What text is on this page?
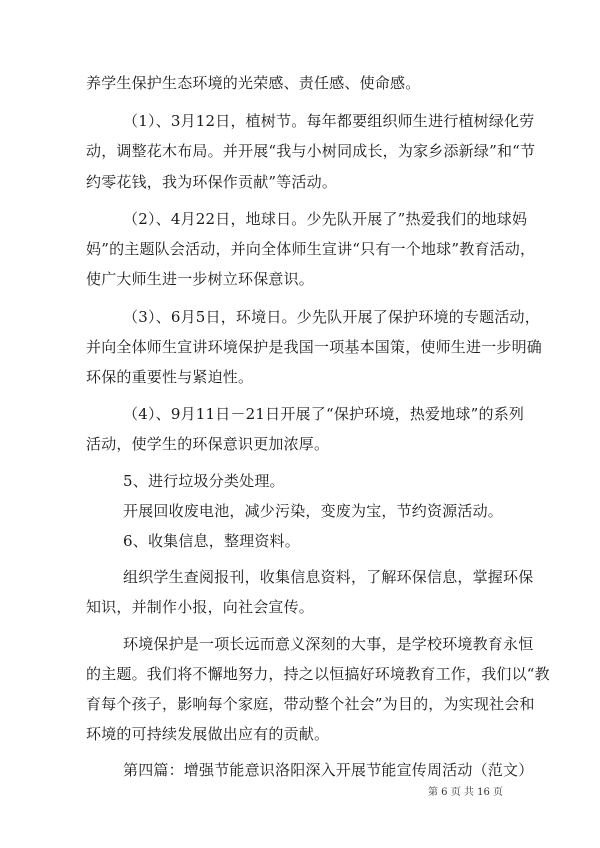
养学生保护生态环境的光荣感、责任感、使命感。
（1）、3月12日，植树节。每年都要组织师生进行植树绿化劳
动，调整花木布局。并开展“我与小树同成长，为家乡添新绿”和“节
约零花钱，我为环保作贡献”等活动。
（2）、4月22日，地球日。少先队开展了”热爱我们的地球妈
妈”的主题队会活动，并向全体师生宣讲“只有一个地球”教育活动，
使广大师生进一步树立环保意识。
（3）、6月5日，环境日。少先队开展了保护环境的专题活动，
并向全体师生宣讲环境保护是我国一项基本国策，使师生进一步明确
环保的重要性与紧迫性。
（4）、9月11日－21日开展了“保护环境，热爱地球”的系列
活动，使学生的环保意识更加浓厚。
5、进行垃圾分类处理。
开展回收废电池，减少污染，变废为宝，节约资源活动。
6、收集信息，整理资料。
组织学生查阅报刊，收集信息资料，了解环保信息，掌握环保
知识，并制作小报，向社会宣传。
环境保护是一项长远而意义深刻的大事，是学校环境教育永恒
的主题。我们将不懈地努力，持之以恒搞好环境教育工作，我们以“教
育每个孩子，影响每个家庭，带动整个社会”为目的，为实现社会和
环境的可持续发展做出应有的贡献。
第四篇：增强节能意识洛阳深入开展节能宣传周活动（范文）
第 6 页 共 16 页
